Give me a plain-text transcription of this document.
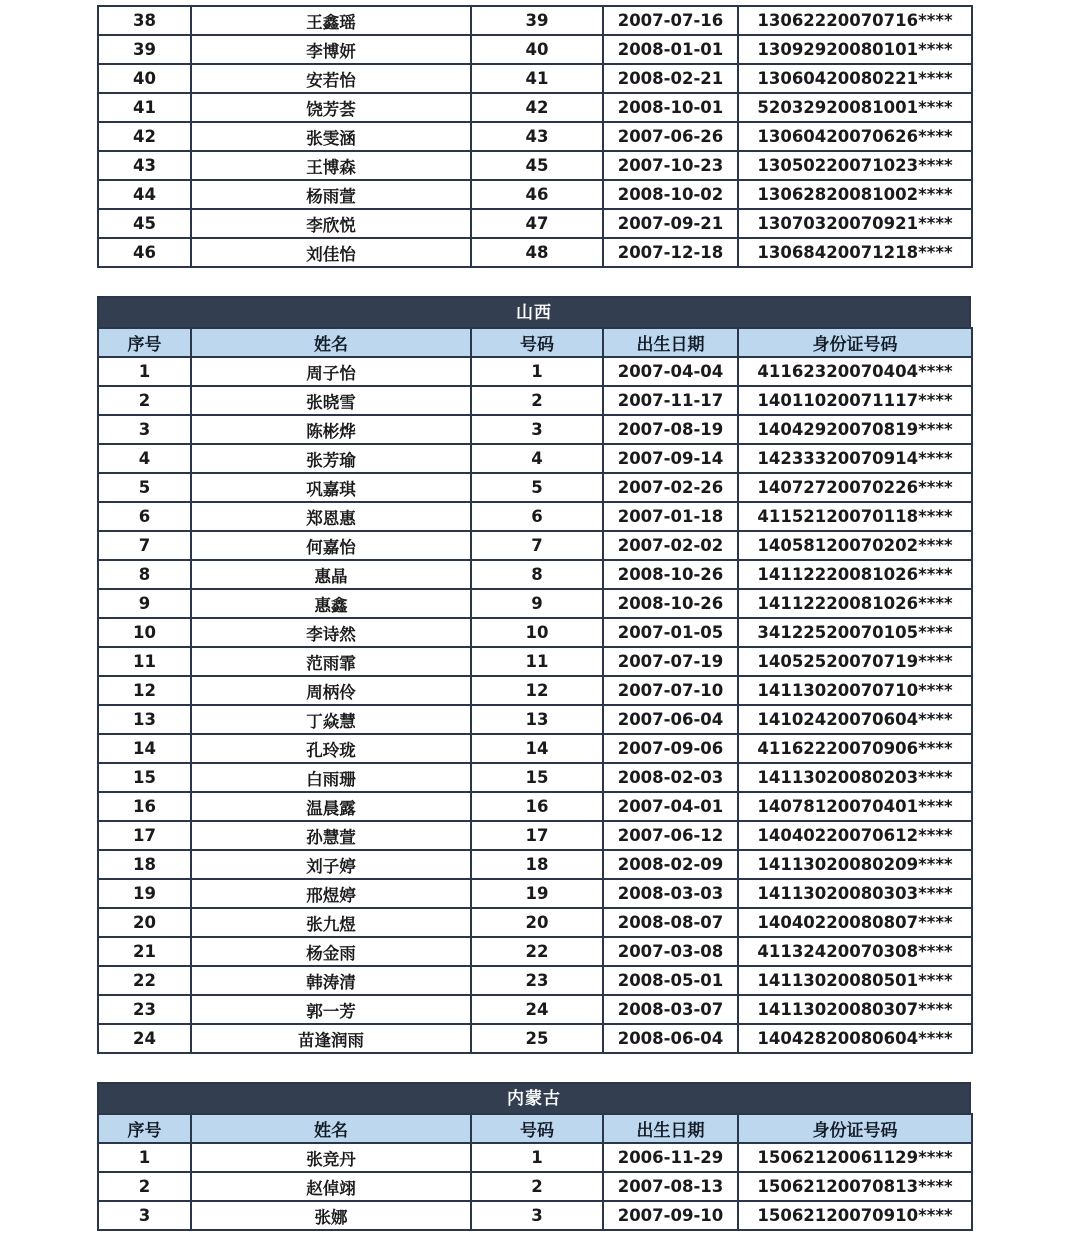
38	王鑫瑶	39	2007-07-16	13062220070716****
39	李博妍	40	2008-01-01	13092920080101****
40	安若怡	41	2008-02-21	13060420080221****
41	饶芳荟	42	2008-10-01	52032920081001****
42	张雯涵	43	2007-06-26	13060420070626****
43	王博森	45	2007-10-23	13050220071023****
44	杨雨萱	46	2008-10-02	13062820081002****
45	李欣悦	47	2007-09-21	13070320070921****
46	刘佳怡	48	2007-12-18	13068420071218****
山西
序号	姓名	号码	出生日期	身份证号码
1	周子怡	1	2007-04-04	41162320070404****
2	张晓雪	2	2007-11-17	14011020071117****
3	陈彬烨	3	2007-08-19	14042920070819****
4	张芳瑜	4	2007-09-14	14233320070914****
5	巩嘉琪	5	2007-02-26	14072720070226****
6	郑恩惠	6	2007-01-18	41152120070118****
7	何嘉怡	7	2007-02-02	14058120070202****
8	惠晶	8	2008-10-26	14112220081026****
9	惠鑫	9	2008-10-26	14112220081026****
10	李诗然	10	2007-01-05	34122520070105****
11	范雨霏	11	2007-07-19	14052520070719****
12	周柄伶	12	2007-07-10	14113020070710****
13	丁焱慧	13	2007-06-04	14102420070604****
14	孔玲珑	14	2007-09-06	41162220070906****
15	白雨珊	15	2008-02-03	14113020080203****
16	温晨露	16	2007-04-01	14078120070401****
17	孙慧萱	17	2007-06-12	14040220070612****
18	刘子婷	18	2008-02-09	14113020080209****
19	邢煜婷	19	2008-03-03	14113020080303****
20	张九煜	20	2008-08-07	14040220080807****
21	杨金雨	22	2007-03-08	41132420070308****
22	韩涛清	23	2008-05-01	14113020080501****
23	郭一芳	24	2008-03-07	14113020080307****
24	苗逢润雨	25	2008-06-04	14042820080604****
内蒙古
序号	姓名	号码	出生日期	身份证号码
1	张竞丹	1	2006-11-29	15062120061129****
2	赵倬翊	2	2007-08-13	15062120070813****
3	张娜	3	2007-09-10	15062120070910****
